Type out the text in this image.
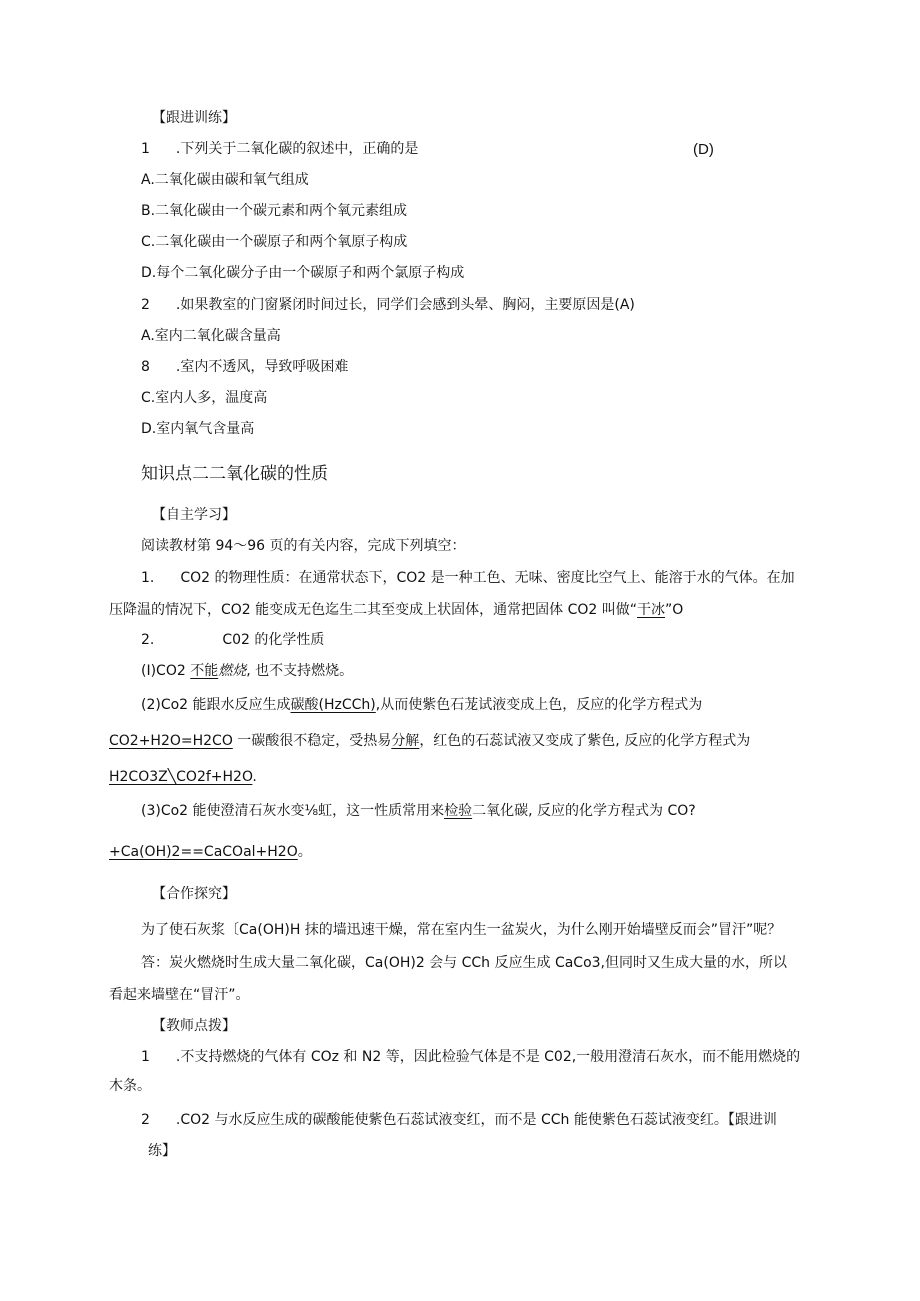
【跟进训练】
1 .下列关于二氧化碳的叙述中，正确的是	(D)
A.二氧化碳由碳和氧气组成
B.二氧化碳由一个碳元素和两个氧元素组成
C.二氧化碳由一个碳原子和两个氧原子构成
D.每个二氧化碳分子由一个碳原子和两个氯原子构成
2 .如果教室的门窗紧闭时间过长，同学们会感到头晕、胸闷，主要原因是(A)
A.室内二氧化碳含量高
8 .室内不透风，导致呼吸困难
C.室内人多，温度高
D.室内氧气含量高
知识点二二氧化碳的性质
【自主学习】
阅读教材第 94～96 页的有关内容，完成下列填空：
1. CO2 的物理性质：在通常状态下，CO2 是一种工色、无味、密度比空气上、能溶于水的气体。在加
压降温的情况下，CO2 能变成无色迄生二其至变成上状固体，通常把固体 CO2 叫做“干冰”O
2.	C02 的化学性质
(I)CO2 不能燃烧, 也不支持燃烧。
(2)Co2 能跟水反应生成碳酸(HzCCh),从而使紫色石茏试液变成上色，反应的化学方程式为
CO2+H2O=H2CO 一碳酸很不稳定，受热易分解，红色的石蕊试液又变成了紫色, 反应的化学方程式为
H2CO3Z╲CO2f+H2O.
(3)Co2 能使澄清石灰水变⅛虹，这一性质常用来检验二氧化碳, 反应的化学方程式为 CO?
+Ca(OH)2==CaCOal+H2O。
【合作探究】
为了使石灰浆〔Ca(OH)H 抹的墙迅速干燥，常在室内生一盆炭火，为什么刚开始墙壁反而会”冒汗”呢？
答：炭火燃烧时生成大量二氧化碳，Ca(OH)2 会与 CCh 反应生成 CaCo3,但同时又生成大量的水，所以
看起来墙壁在“冒汗”。
【教师点拨】
1 .不支持燃烧的气体有 COz 和 N2 等，因此检验气体是不是 C02,一般用澄清石灰水，而不能用燃烧的
木条。
2 .CO2 与水反应生成的碳酸能使紫色石蕊试液变红，而不是 CCh 能使紫色石蕊试液变红。【跟进训
练】
